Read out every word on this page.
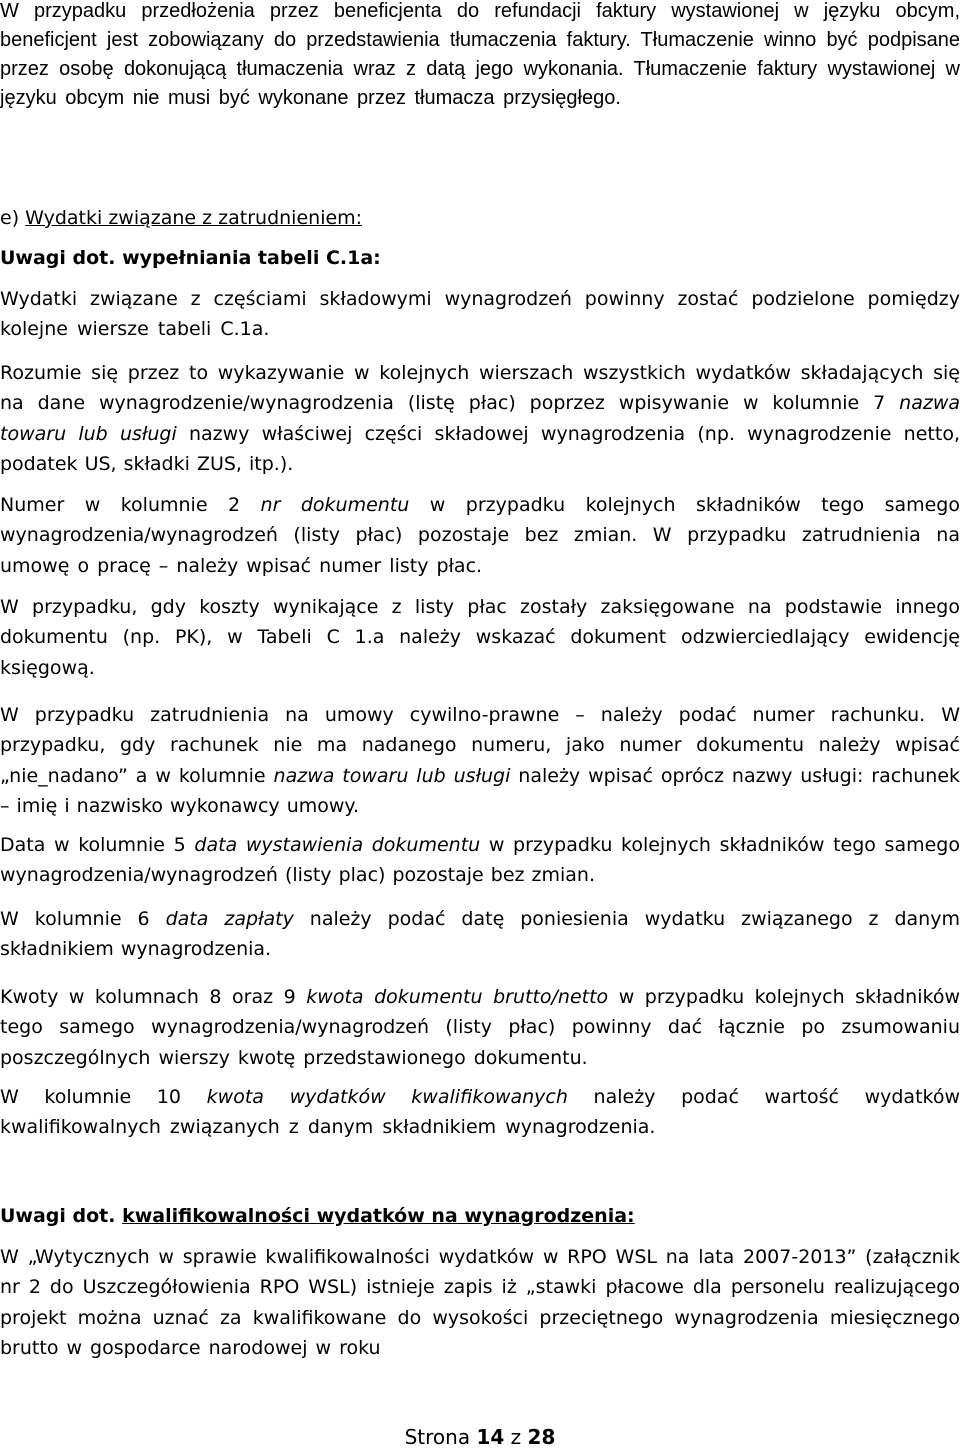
W przypadku przedłożenia przez beneficjenta do refundacji faktury wystawionej w języku obcym, beneficjent jest zobowiązany do przedstawienia tłumaczenia faktury. Tłumaczenie winno być podpisane przez osobę dokonującą tłumaczenia wraz z datą jego wykonania. Tłumaczenie faktury wystawionej w języku obcym nie musi być wykonane przez tłumacza przysięgłego.

e) Wydatki związane z zatrudnieniem:

Uwagi dot. wypełniania tabeli C.1a:

Wydatki związane z częściami składowymi wynagrodzeń powinny zostać podzielone pomiędzy kolejne wiersze tabeli C.1a.

Rozumie się przez to wykazywanie w kolejnych wierszach wszystkich wydatków składających się na dane wynagrodzenie/wynagrodzenia (listę płac) poprzez wpisywanie w kolumnie 7 nazwa towaru lub usługi nazwy właściwej części składowej wynagrodzenia (np. wynagrodzenie netto, podatek US, składki ZUS, itp.).

Numer w kolumnie 2 nr dokumentu w przypadku kolejnych składników tego samego wynagrodzenia/wynagrodzeń (listy płac) pozostaje bez zmian. W przypadku zatrudnienia na umowę o pracę – należy wpisać numer listy płac.

W przypadku, gdy koszty wynikające z listy płac zostały zaksięgowane na podstawie innego dokumentu (np. PK), w Tabeli C 1.a należy wskazać dokument odzwierciedlający ewidencję księgową.

W przypadku zatrudnienia na umowy cywilno-prawne – należy podać numer rachunku. W przypadku, gdy rachunek nie ma nadanego numeru, jako numer dokumentu należy wpisać „nie_nadano” a w kolumnie nazwa towaru lub usługi należy wpisać oprócz nazwy usługi: rachunek – imię i nazwisko wykonawcy umowy.

Data w kolumnie 5 data wystawienia dokumentu w przypadku kolejnych składników tego samego wynagrodzenia/wynagrodzeń (listy plac) pozostaje bez zmian.

W kolumnie 6 data zapłaty należy podać datę poniesienia wydatku związanego z danym składnikiem wynagrodzenia.

Kwoty w kolumnach 8 oraz 9 kwota dokumentu brutto/netto w przypadku kolejnych składników tego samego wynagrodzenia/wynagrodzeń (listy płac) powinny dać łącznie po zsumowaniu poszczególnych wierszy kwotę przedstawionego dokumentu.

W kolumnie 10 kwota wydatków kwalifikowanych należy podać wartość wydatków kwalifikowalnych związanych z danym składnikiem wynagrodzenia.

Uwagi dot. kwalifikowalności wydatków na wynagrodzenia:

W „Wytycznych w sprawie kwalifikowalności wydatków w RPO WSL na lata 2007-2013” (załącznik nr 2 do Uszczegółowienia RPO WSL) istnieje zapis iż „stawki płacowe dla personelu realizującego projekt można uznać za kwalifikowane do wysokości przeciętnego wynagrodzenia miesięcznego brutto w gospodarce narodowej w roku

Strona 14 z 28
